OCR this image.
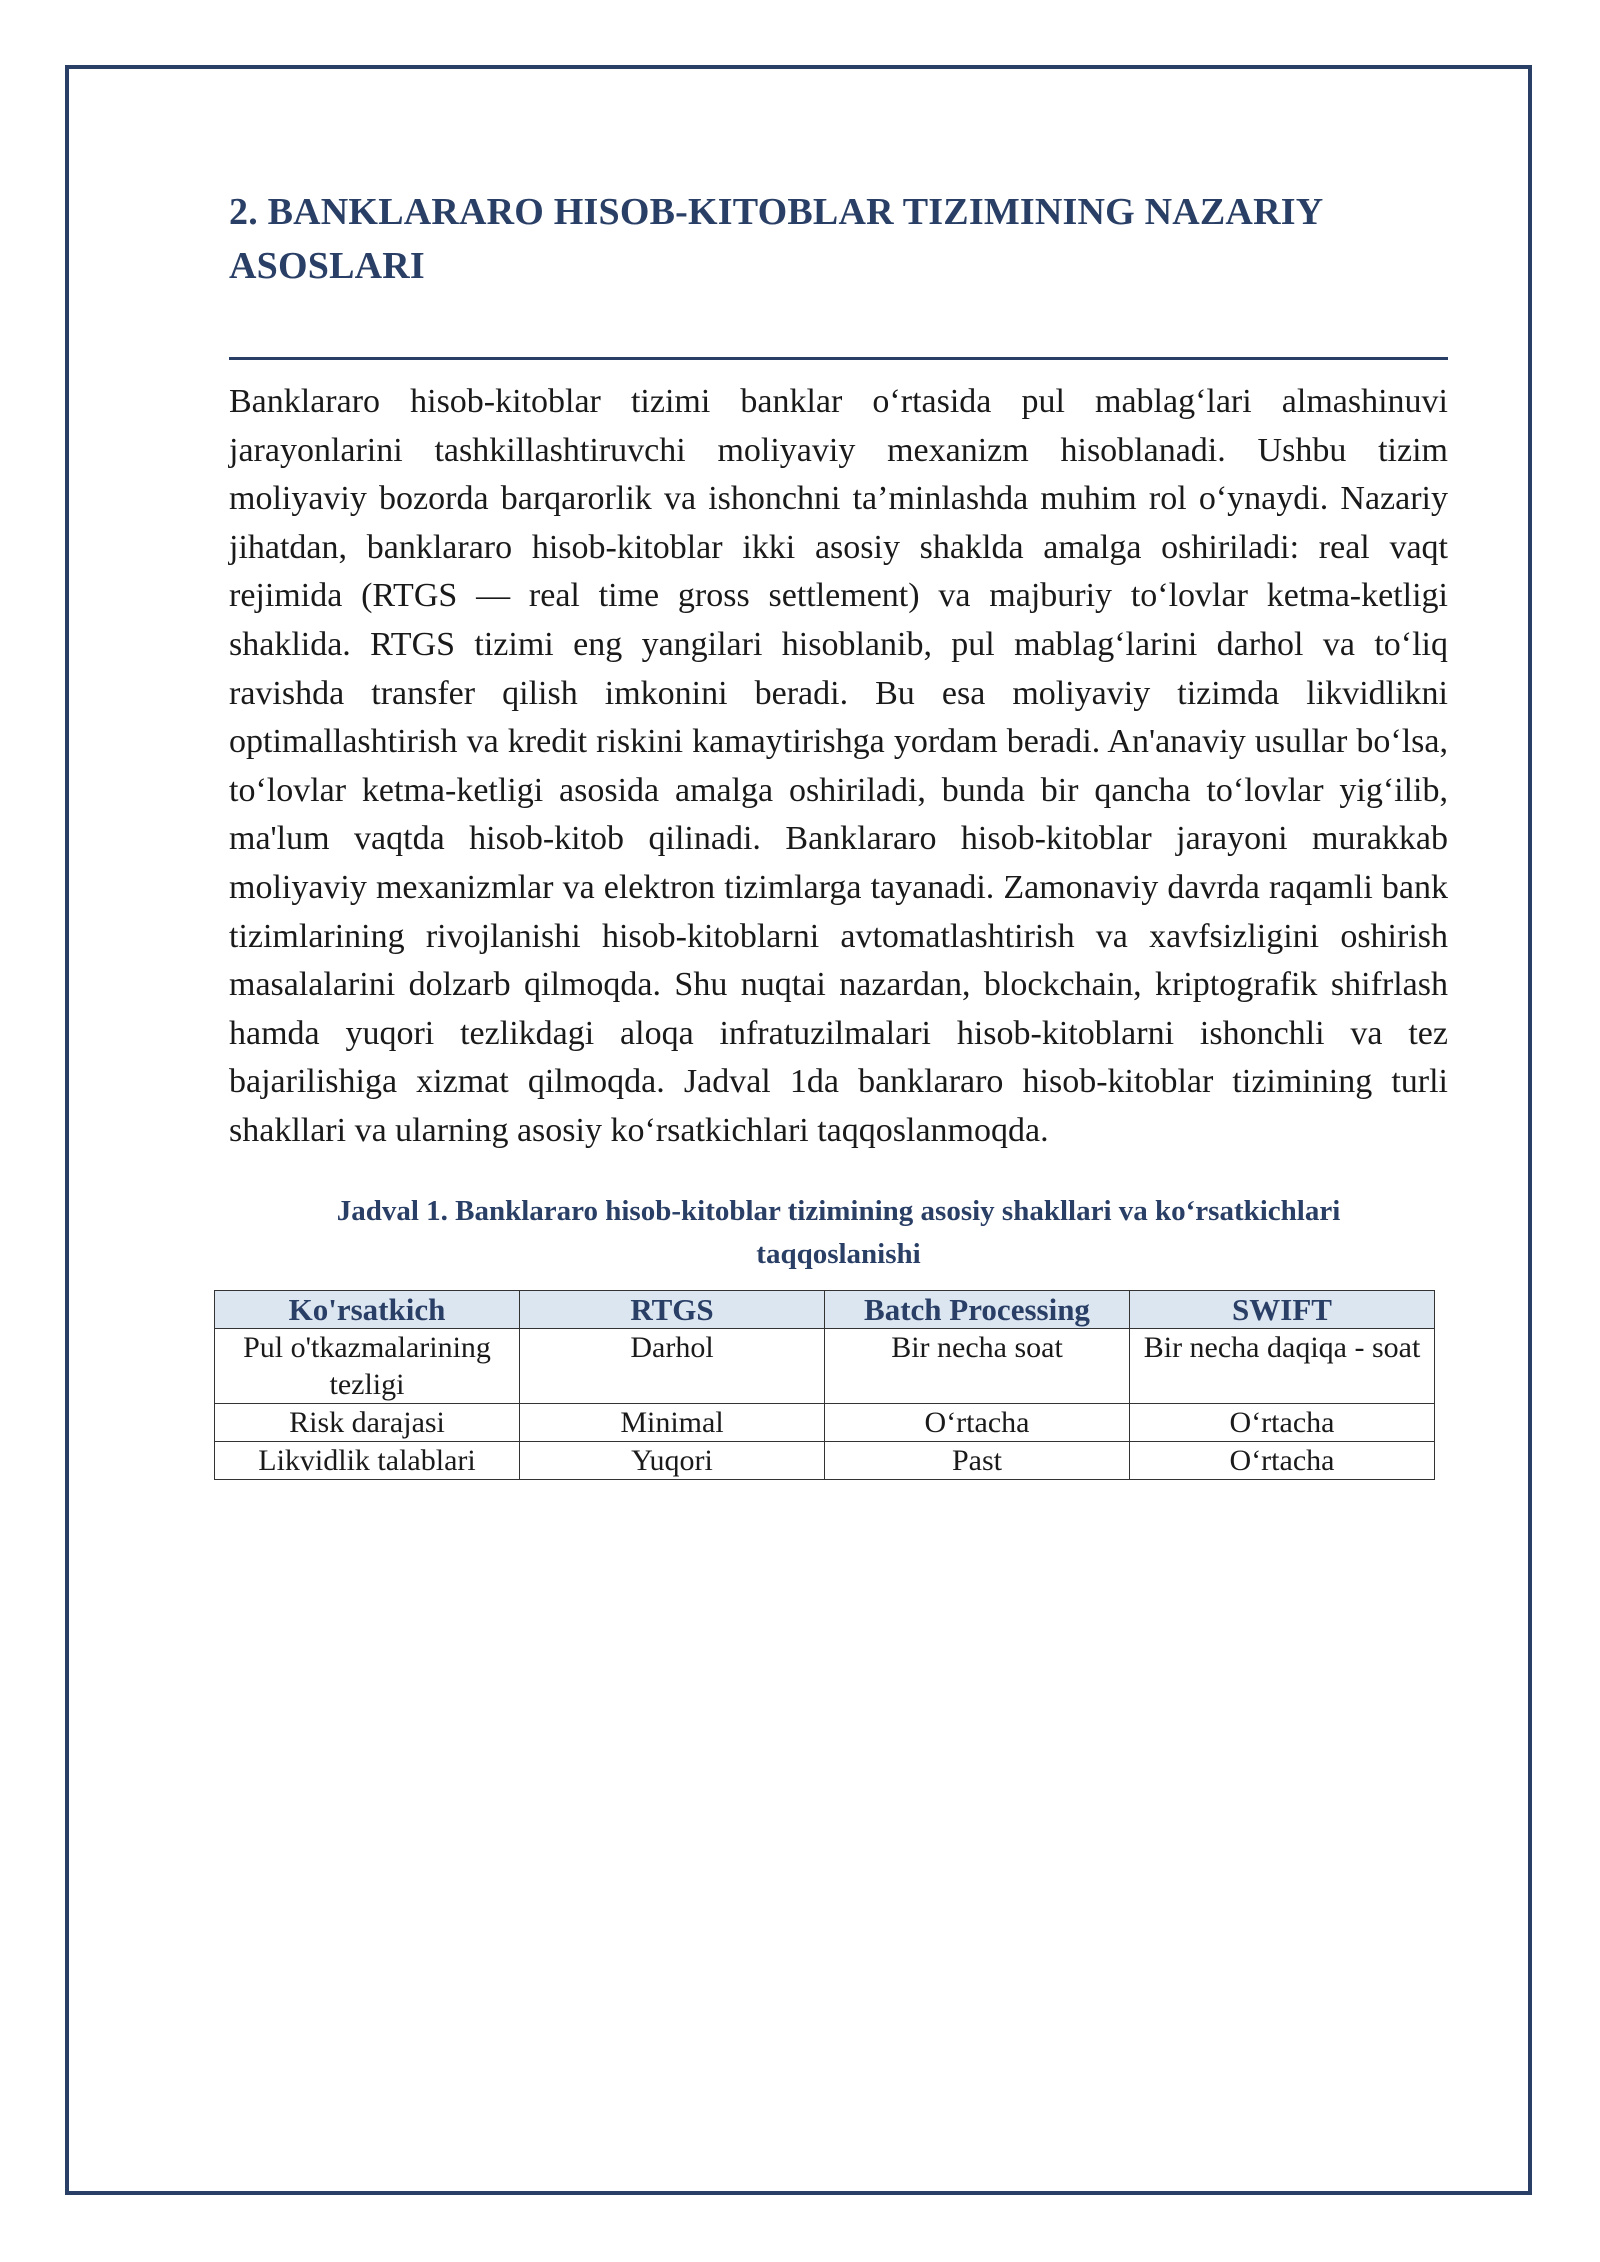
2. BANKLARARO HISOB-KITOBLAR TIZIMINING NAZARIY ASOSLARI

Banklararo hisob-kitoblar tizimi banklar o‘rtasida pul mablag‘lari almashinuvi jarayonlarini tashkillashtiruvchi moliyaviy mexanizm hisoblanadi. Ushbu tizim moliyaviy bozorda barqarorlik va ishonchni ta’minlashda muhim rol o‘ynaydi. Nazariy jihatdan, banklararo hisob-kitoblar ikki asosiy shaklda amalga oshiriladi: real vaqt rejimida (RTGS — real time gross settlement) va majburiy to‘lovlar ketma-ketligi shaklida. RTGS tizimi eng yangilari hisoblanib, pul mablag‘larini darhol va to‘liq ravishda transfer qilish imkonini beradi. Bu esa moliyaviy tizimda likvidlikni optimallashtirish va kredit riskini kamaytirishga yordam beradi. An'anaviy usullar bo‘lsa, to‘lovlar ketma-ketligi asosida amalga oshiriladi, bunda bir qancha to‘lovlar yig‘ilib, ma'lum vaqtda hisob-kitob qilinadi. Banklararo hisob-kitoblar jarayoni murakkab moliyaviy mexanizmlar va elektron tizimlarga tayanadi. Zamonaviy davrda raqamli bank tizimlarining rivojlanishi hisob-kitoblarni avtomatlashtirish va xavfsizligini oshirish masalalarini dolzarb qilmoqda. Shu nuqtai nazardan, blockchain, kriptografik shifrlash hamda yuqori tezlikdagi aloqa infratuzilmalari hisob-kitoblarni ishonchli va tez bajarilishiga xizmat qilmoqda. Jadval 1da banklararo hisob-kitoblar tizimining turli shakllari va ularning asosiy ko‘rsatkichlari taqqoslanmoqda.

Jadval 1. Banklararo hisob-kitoblar tizimining asosiy shakllari va ko‘rsatkichlari taqqoslanishi
Ko'rsatkich	RTGS	Batch Processing	SWIFT
Pul o'tkazmalarining tezligi	Darhol	Bir necha soat	Bir necha daqiqa - soat
Risk darajasi	Minimal	O‘rtacha	O‘rtacha
Likvidlik talablari	Yuqori	Past	O‘rtacha
